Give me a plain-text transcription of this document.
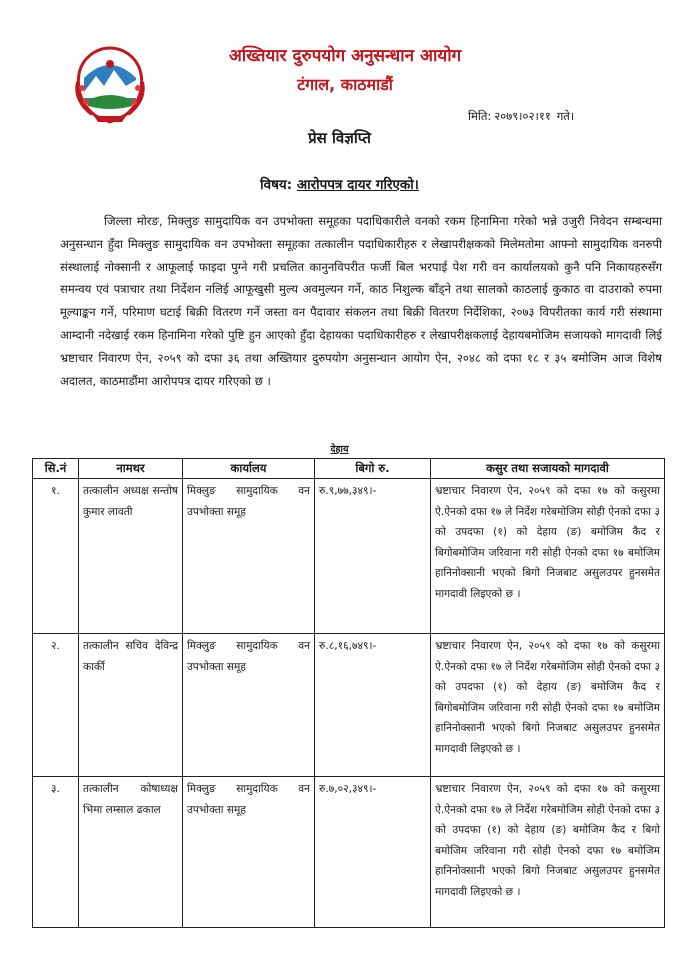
अख्तियार दुरुपयोग अनुसन्धान आयोग
टंगाल, काठमाडौं
मिति: २०७९।०२।११ गते।
प्रेस विज्ञप्ति
विषय: आरोपपत्र दायर गरिएको।

जिल्ला मोरङ, मिक्लुङ सामुदायिक वन उपभोक्ता समूहका पदाधिकारीले वनको रकम हिनामिना गरेको भन्ने उजुरी निवेदन सम्बन्धमा अनुसन्धान हुँदा मिक्लुङ सामुदायिक वन उपभोक्ता समूहका तत्कालीन पदाधिकारीहरु र लेखापरीक्षकको मिलेमतोमा आफ्नो सामुदायिक वनरुपी संस्थालाई नोक्सानी र आफूलाई फाइदा पुग्ने गरी प्रचलित कानुनविपरीत फर्जी बिल भरपाई पेश गरी वन कार्यालयको कुनै पनि निकायहरुसँग समन्वय एवं पत्राचार तथा निर्देशन नलिई आफूखुसी मुल्य अवमुल्यन गर्ने, काठ निशुल्क बाँड्ने तथा सालको काठलाई कुकाठ वा दाउराको रुपमा मूल्याङ्कन गर्ने, परिमाण घटाई बिक्री वितरण गर्ने जस्ता वन पैदावार संकलन तथा बिक्री वितरण निर्देशिका, २०७३ विपरीतका कार्य गरी संस्थामा आम्दानी नदेखाई रकम हिनामिना गरेको पुष्टि हुन आएको हुँदा देहायका पदाधिकारीहरु र लेखापरीक्षकलाई देहायबमोजिम सजायको मागदावी लिई भ्रष्टाचार निवारण ऐन, २०५९ को दफा ३६ तथा अख्तियार दुरुपयोग अनुसन्धान आयोग ऐन, २०४८ को दफा १८ र ३५ बमोजिम आज विशेष अदालत, काठमाडौंमा आरोपपत्र दायर गरिएको छ ।

देहाय
सि.नं	नामथर	कार्यालय	बिगो रु.	कसुर तथा सजायको मागदावी
१.	तत्कालीन अध्यक्ष सन्तोष कुमार लावती	मिक्लुङ सामुदायिक वन उपभोक्ता समूह	रु.९,७७,३४९।-	भ्रष्टाचार निवारण ऐन, २०५९ को दफा १७ को कसुरमा ऐ.ऐनको दफा १७ ले निर्देश गरेबमोजिम सोही ऐनको दफा ३ को उपदफा (१) को देहाय (ङ) बमोजिम कैद र बिगोबमोजिम जरिवाना गरी सोही ऐनको दफा १७ बमोजिम हानिनोक्सानी भएको बिगो निजबाट असुलउपर हुनसमेत मागदावी लिइएको छ ।
२.	तत्कालीन सचिव देविन्द्र कार्की	मिक्लुङ सामुदायिक वन उपभोक्ता समूह	रु.८,१६,७४९।-	भ्रष्टाचार निवारण ऐन, २०५९ को दफा १७ को कसुरमा ऐ.ऐनको दफा १७ ले निर्देश गरेबमोजिम सोही ऐनको दफा ३ को उपदफा (१) को देहाय (ङ) बमोजिम कैद र बिगोबमोजिम जरिवाना गरी सोही ऐनको दफा १७ बमोजिम हानिनोक्सानी भएको बिगो निजबाट असुलउपर हुनसमेत मागदावी लिइएको छ ।
३.	तत्कालीन कोषाध्यक्ष भिमा लम्साल ढकाल	मिक्लुङ सामुदायिक वन उपभोक्ता समूह	रु.७,०२,३४९।-	भ्रष्टाचार निवारण ऐन, २०५९ को दफा १७ को कसुरमा ऐ.ऐनको दफा १७ ले निर्देश गरेबमोजिम सोही ऐनको दफा ३ को उपदफा (१) को देहाय (ङ) बमोजिम कैद र बिगो बमोजिम जरिवाना गरी सोही ऐनको दफा १७ बमोजिम हानिनोक्सानी भएको बिगो निजबाट असुलउपर हुनसमेत मागदावी लिइएको छ ।
